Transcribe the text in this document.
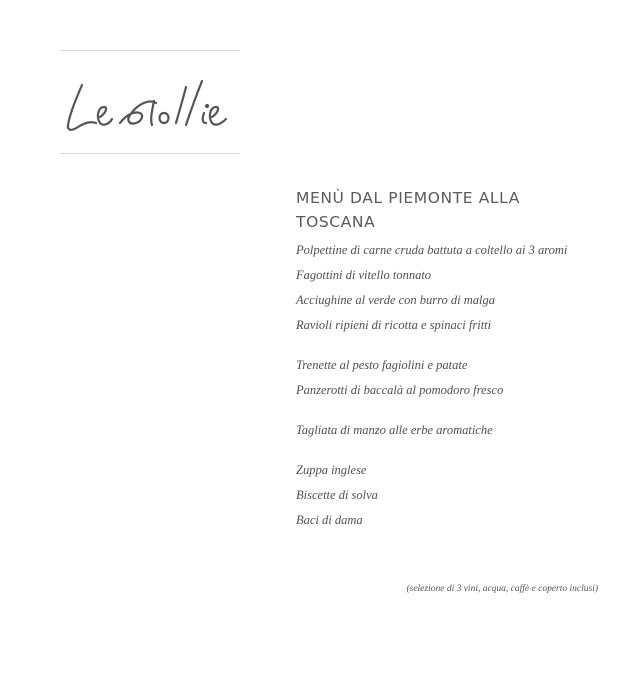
MENÙ DAL PIEMONTE ALLA
TOSCANA
Polpettine di carne cruda battuta a coltello ai 3 aromi
Fagottini di vitello tonnato
Acciughine al verde con burro di malga
Ravioli ripieni di ricotta e spinaci fritti
Trenette al pesto fagiolini e patate
Panzerotti di baccalà al pomodoro fresco
Tagliata di manzo alle erbe aromatiche
Zuppa inglese
Biscette di solva
Baci di dama
(selezione di 3 vini, acqua, caffè e coperto inclusi)
